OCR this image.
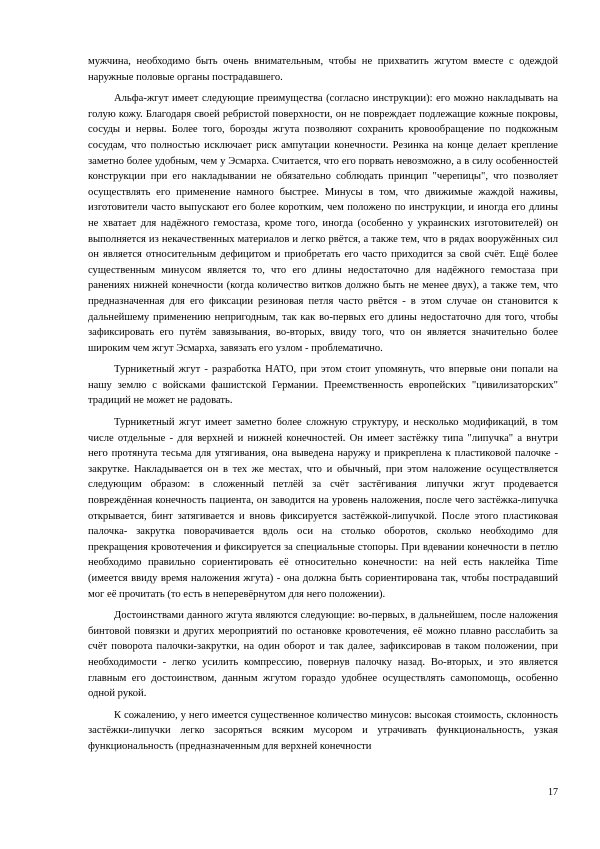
мужчина, необходимо быть очень внимательным, чтобы не прихватить жгутом вместе с одеждой наружные половые органы пострадавшего.

Альфа-жгут имеет следующие преимущества (согласно инструкции): его можно накладывать на голую кожу. Благодаря своей ребристой поверхности, он не повреждает подлежащие кожные покровы, сосуды и нервы. Более того, борозды жгута позволяют сохранить кровообращение по подкожным сосудам, что полностью исключает риск ампутации конечности. Резинка на конце делает крепление заметно более удобным, чем у Эсмарха. Считается, что его порвать невозможно, а в силу особенностей конструкции при его накладывании не обязательно соблюдать принцип "черепицы", что позволяет осуществлять его применение намного быстрее. Минусы в том, что движимые жаждой наживы, изготовители часто выпускают его более коротким, чем положено по инструкции, и иногда его длины не хватает для надёжного гемостаза, кроме того, иногда (особенно у украинских изготовителей) он выполняется из некачественных материалов и легко рвётся, а также тем, что в рядах вооружённых сил он является относительным дефицитом и приобретать его часто приходится за свой счёт. Ещё более существенным минусом является то, что его длины недостаточно для надёжного гемостаза при ранениях нижней конечности (когда количество витков должно быть не менее двух), а также тем, что предназначенная для его фиксации резиновая петля часто рвётся - в этом случае он становится к дальнейшему применению непригодным, так как во-первых его длины недостаточно для того, чтобы зафиксировать его путём завязывания, во-вторых, ввиду того, что он является значительно более широким чем жгут Эсмарха, завязать его узлом - проблематично.

Турникетный жгут - разработка НАТО, при этом стоит упомянуть, что впервые они попали на нашу землю с войсками фашистской Германии. Преемственность европейских "цивилизаторских" традиций не может не радовать.

Турникетный жгут имеет заметно более сложную структуру, и несколько модификаций, в том числе отдельные - для верхней и нижней конечностей. Он имеет застёжку типа "липучка" а внутри него протянута тесьма для утягивания, она выведена наружу и прикреплена к пластиковой палочке - закрутке. Накладывается он в тех же местах, что и обычный, при этом наложение осуществляется следующим образом: в сложенный петлёй за счёт застёгивания липучки жгут продевается повреждённая конечность пациента, он заводится на уровень наложения, после чего застёжка-липучка открывается, бинт затягивается и вновь фиксируется застёжкой-липучкой. После этого пластиковая палочка- закрутка поворачивается вдоль оси на столько оборотов, сколько необходимо для прекращения кровотечения и фиксируется за специальные стопоры. При вдевании конечности в петлю необходимо правильно сориентировать её относительно конечности: на ней есть наклейка Time (имеется ввиду время наложения жгута) - она должна быть сориентирована так, чтобы пострадавший мог её прочитать (то есть в неперевёрнутом для него положении).

Достоинствами данного жгута являются следующие: во-первых, в дальнейшем, после наложения бинтовой повязки и других мероприятий по остановке кровотечения, её можно плавно расслабить за счёт поворота палочки-закрутки, на один оборот и так далее, зафиксировав в таком положении, при необходимости - легко усилить компрессию, повернув палочку назад. Во-вторых, и это является главным его достоинством, данным жгутом гораздо удобнее осуществлять самопомощь, особенно одной рукой.

К сожалению, у него имеется существенное количество минусов: высокая стоимость, склонность застёжки-липучки легко засоряться всяким мусором и утрачивать функциональность, узкая функциональность (предназначенным для верхней конечности

17
